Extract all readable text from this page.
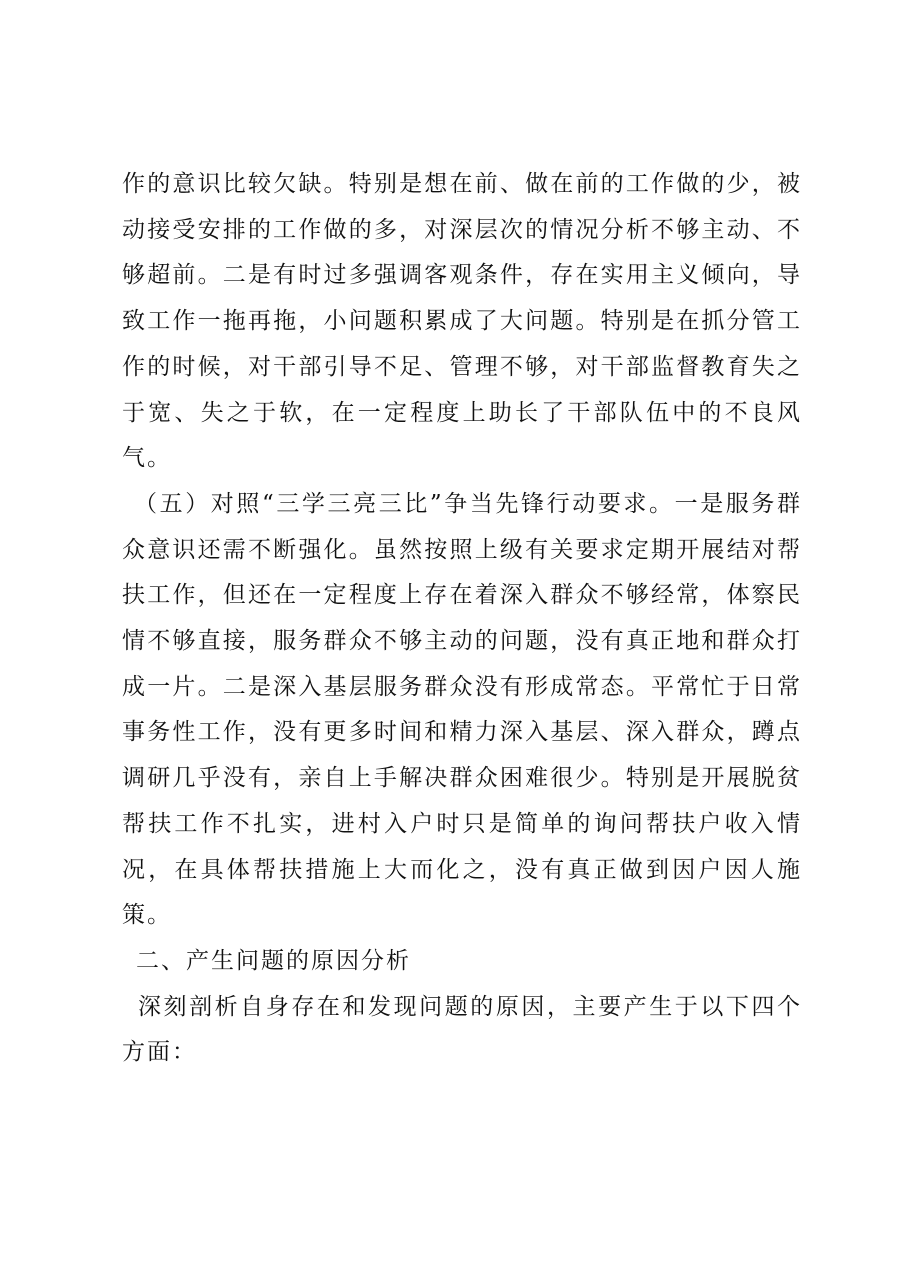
作的意识比较欠缺。特别是想在前、做在前的工作做的少，被动接受安排的工作做的多，对深层次的情况分析不够主动、不够超前。二是有时过多强调客观条件，存在实用主义倾向，导致工作一拖再拖，小问题积累成了大问题。特别是在抓分管工作的时候，对干部引导不足、管理不够，对干部监督教育失之于宽、失之于软，在一定程度上助长了干部队伍中的不良风气。

（五）对照“三学三亮三比”争当先锋行动要求。一是服务群众意识还需不断强化。虽然按照上级有关要求定期开展结对帮扶工作，但还在一定程度上存在着深入群众不够经常，体察民情不够直接，服务群众不够主动的问题，没有真正地和群众打成一片。二是深入基层服务群众没有形成常态。平常忙于日常事务性工作，没有更多时间和精力深入基层、深入群众，蹲点调研几乎没有，亲自上手解决群众困难很少。特别是开展脱贫帮扶工作不扎实，进村入户时只是简单的询问帮扶户收入情况，在具体帮扶措施上大而化之，没有真正做到因户因人施策。

二、产生问题的原因分析

深刻剖析自身存在和发现问题的原因，主要产生于以下四个方面：
